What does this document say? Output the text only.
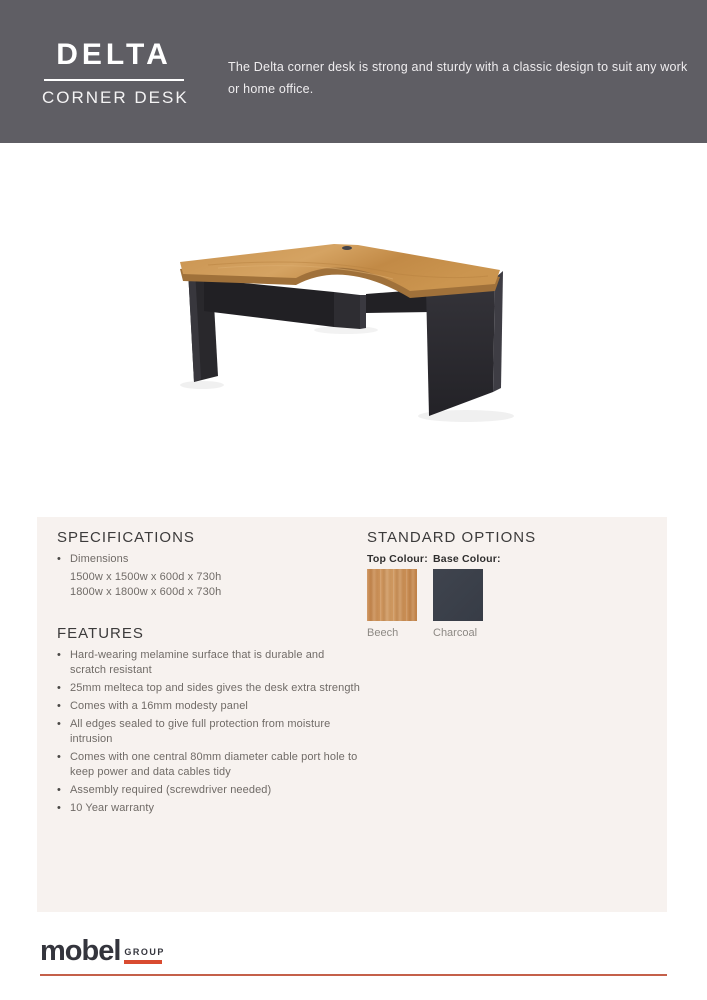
DELTA
CORNER DESK
The Delta corner desk is strong and sturdy with a classic design to suit any work or home office.
SPECIFICATIONS
• Dimensions
1500w x 1500w x 600d x 730h
1800w x 1800w x 600d x 730h
FEATURES
• Hard-wearing melamine surface that is durable and scratch resistant
• 25mm melteca top and sides gives the desk extra strength
• Comes with a 16mm modesty panel
• All edges sealed to give full protection from moisture intrusion
• Comes with one central 80mm diameter cable port hole to keep power and data cables tidy
• Assembly required (screwdriver needed)
• 10 Year warranty
STANDARD OPTIONS
Top Colour:
Beech
Base Colour:
Charcoal
mobel GROUP
